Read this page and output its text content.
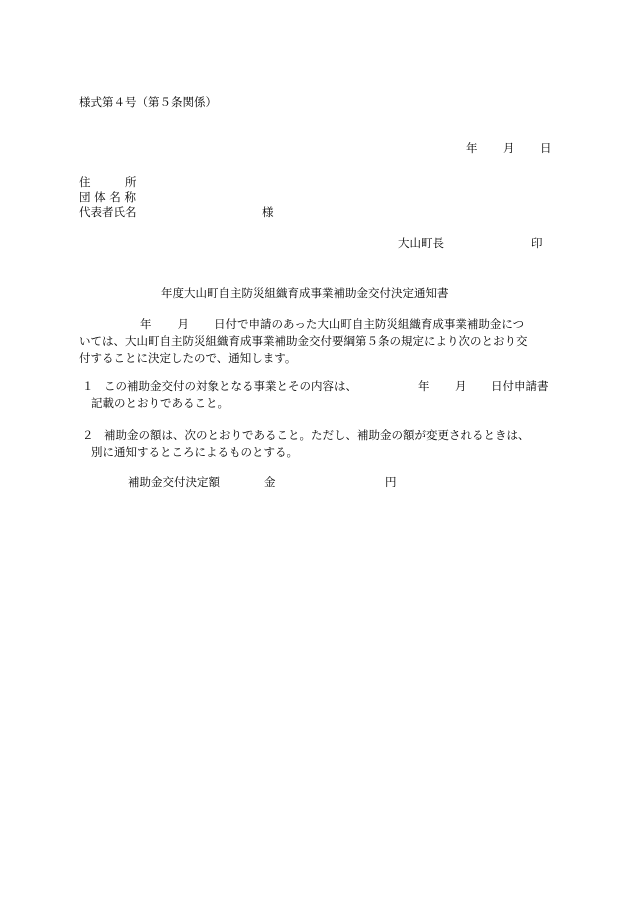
様式第４号（第５条関係）
年 月 日
住　　　所
団 体 名 称
代表者氏名	様
大山町長	印
年度大山町自主防災組織育成事業補助金交付決定通知書
年 月 日付で申請のあった大山町自主防災組織育成事業補助金につ
いては、大山町自主防災組織育成事業補助金交付要綱第５条の規定により次のとおり交
付することに決定したので、通知します。
１ この補助金交付の対象となる事業とその内容は、	年 月 日付申請書
記載のとおりであること。
２ 補助金の額は、次のとおりであること。ただし、補助金の額が変更されるときは、
別に通知するところによるものとする。
補助金交付決定額	金	円
